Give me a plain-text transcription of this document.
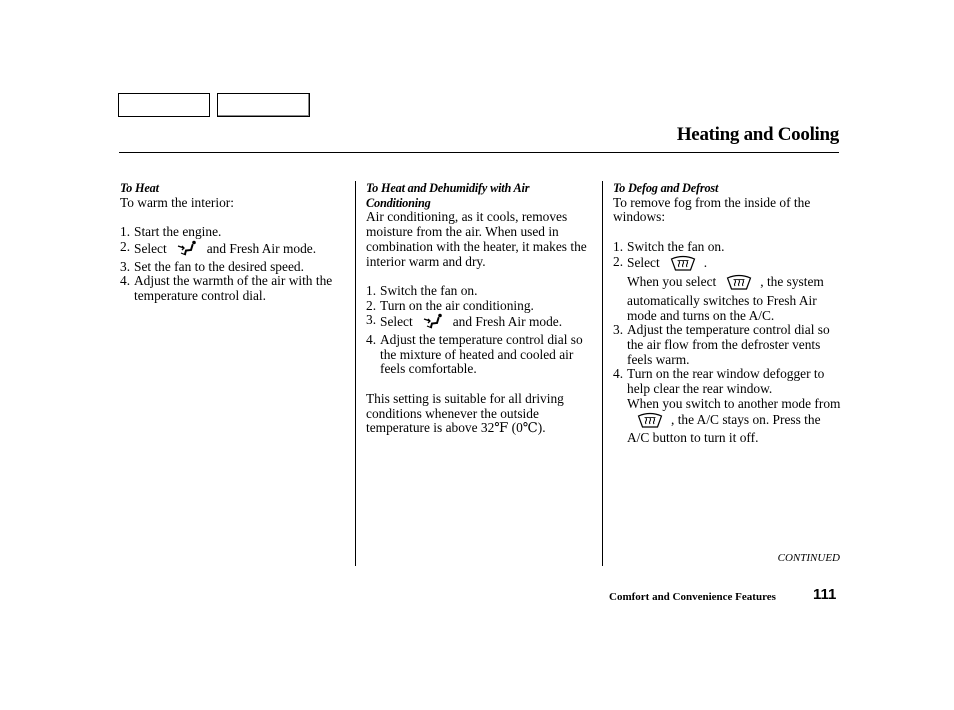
Heating and Cooling
To Heat
To warm the interior:
1. Start the engine.
2. Select	and Fresh Air mode.
3. Set the fan to the desired speed.
4. Adjust the warmth of the air with the temperature control dial.
To Heat and Dehumidify with Air Conditioning
Air conditioning, as it cools, removes moisture from the air. When used in combination with the heater, it makes the interior warm and dry.
1. Switch the fan on.
2. Turn on the air conditioning.
3. Select	and Fresh Air mode.
4. Adjust the temperature control dial so the mixture of heated and cooled air feels comfortable.
This setting is suitable for all driving conditions whenever the outside temperature is above 32℉ (0℃).
To Defog and Defrost
To remove fog from the inside of the windows:
1. Switch the fan on.
2. Select	.
When you select	, the system automatically switches to Fresh Air mode and turns on the A/C.
3. Adjust the temperature control dial so the air flow from the defroster vents feels warm.
4. Turn on the rear window defogger to help clear the rear window.
When you switch to another mode from, the A/C stays on. Press the A/C button to turn it off.
CONTINUED
Comfort and Convenience Features 111
